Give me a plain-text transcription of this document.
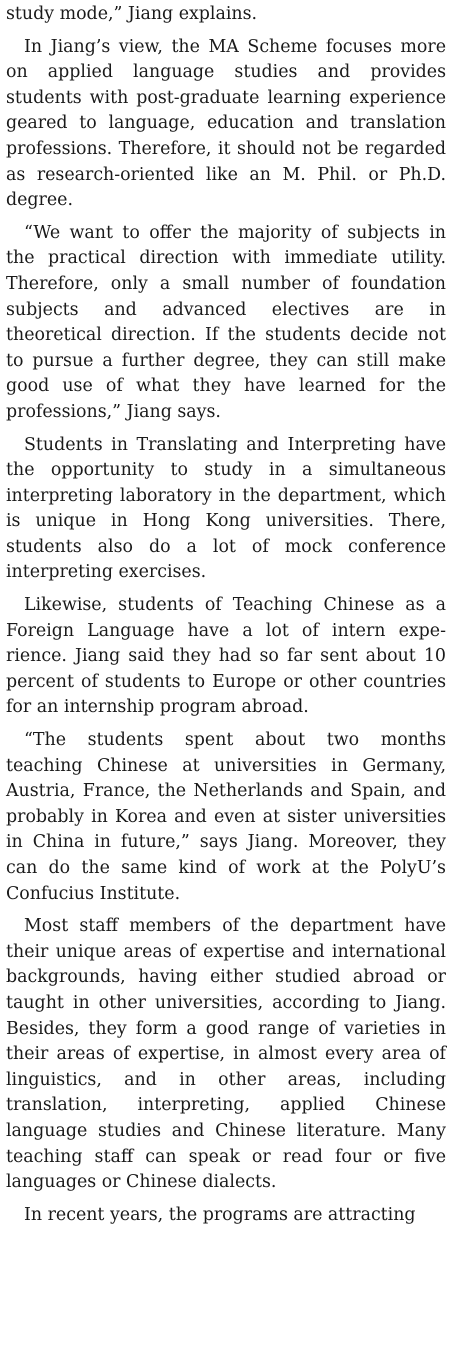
study mode,” Jiang explains.

In Jiang’s view, the MA Scheme focuses more on applied language studies and provides students with post-graduate learning experience geared to language, education and translation professions. Therefore, it should not be regarded as research-oriented like an M. Phil. or Ph.D. degree.

“We want to offer the majority of subjects in the practical direction with immediate utility. Therefore, only a small number of foundation subjects and advanced electives are in theoretical direction. If the students decide not to pursue a further degree, they can still make good use of what they have learned for the professions,” Jiang says.

Students in Translating and Interpreting have the opportunity to study in a simultaneous interpreting laboratory in the department, which is unique in Hong Kong universities. There, students also do a lot of mock conference interpreting exercises.

Likewise, students of Teaching Chinese as a Foreign Language have a lot of intern experience. Jiang said they had so far sent about 10 percent of students to Europe or other countries for an internship program abroad.

“The students spent about two months teaching Chinese at universities in Germany, Austria, France, the Netherlands and Spain, and probably in Korea and even at sister universities in China in future,” says Jiang. Moreover, they can do the same kind of work at the PolyU’s Confucius Institute.

Most staff members of the department have their unique areas of expertise and international backgrounds, having either studied abroad or taught in other universities, according to Jiang. Besides, they form a good range of varieties in their areas of expertise, in almost every area of linguistics, and in other areas, including translation, interpreting, applied Chinese language studies and Chinese literature. Many teaching staff can speak or read four or five languages or Chinese dialects.

In recent years, the programs are attracting
